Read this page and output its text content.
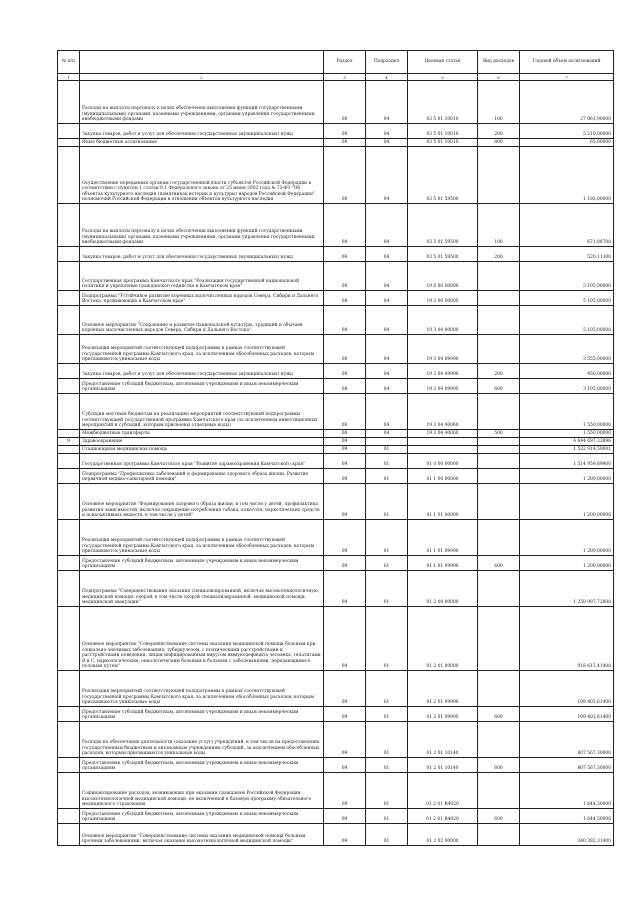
№ п/п		Раздел	Подраздел	Целевая статья	Вид расходов	Годовой объем ассигнований
1	2	3	4	5	6	7
	Расходы на выплаты персоналу в целях обеспечения выполнения функций государственными (муниципальными) органами, казенными учреждениями, органами управления государственными внебюджетными фондами	08	04	03 5 01 10010	100	27 061,90000
	Закупка товаров, работ и услуг для обеспечения государственных (муниципальных) нужд	08	04	03 5 01 10010	200	5 210,00000
	Иные бюджетные ассигнования	08	04	03 5 01 10010	800	65,00000
	Осуществление переданных органам государственной власти субъектов Российской Федерации в соответствии с пунктом 1 статьи 9.1 Федерального закона от 25 июня 2002 года № 73-ФЗ "Об объектах культурного наследия (памятниках истории и культуры) народов Российской Федерации" полномочий Российской Федерации в отношении объектов культурного наследия	08	04	03 5 01 59500		1 192,00000
	Расходы на выплаты персоналу в целях обеспечения выполнения функций государственными (муниципальными) органами, казенными учреждениями, органами управления государственными внебюджетными фондами	08	04	03 5 01 59500	100	671,88700
	Закупка товаров, работ и услуг для обеспечения государственных (муниципальных) нужд	08	04	03 5 01 59500	200	520,11300
	Государственная программа Камчатского края "Реализация государственной национальной политики и укрепление гражданского единства в Камчатском крае"	08	04	19 0 00 00000		5 105,00000
	Подпрограмма "Устойчивое развитие коренных малочисленных народов Севера, Сибири и Дальнего Востока, проживающих в Камчатском крае"	08	04	19 3 00 00000		5 105,00000
	Основное мероприятие "Сохранение и развитие национальной культуры, традиций и обычаев коренных малочисленных народов Севера, Сибири и Дальнего Востока"	08	04	19 3 04 00000		5 105,00000
	Реализация мероприятий соответствующей подпрограммы в рамках соответствующей государственной программы Камчатского края, за исключением обособленных расходов, которым присваиваются уникальные коды	08	04	19 3 04 09990		3 555,00000
	Закупка товаров, работ и услуг для обеспечения государственных (муниципальных) нужд	08	04	19 3 04 09990	200	450,00000
	Предоставление субсидий бюджетным, автономным учреждениям и иным некоммерческим организациям	08	04	19 3 04 09990	600	3 105,00000
	Субсидии местным бюджетам на реализацию мероприятий соответствующей подпрограммы соответствующей государственной программы Камчатского края (за исключением инвестиционных мероприятий и субсидий, которым присвоены отдельные коды)	08	04	19 3 04 40060		1 550,00000
	Межбюджетные трансферты	08	04	19 3 04 40060	500	1 550,00000
9	Здравоохранение	09				4 644 697,33896
	Стационарная медицинская помощь	09	01			1 532 914,59001
	Государственная программа Камчатского края "Развитие здравоохранения Камчатского края"	09	01	01 0 00 00000		1 514 959,89900
	Подпрограмма "Профилактика заболеваний и формирование здорового образа жизни. Развитие первичной медико-санитарной помощи"	09	01	01 1 00 00000		1 200,00000
	Основное мероприятие "Формирование здорового образа жизни, в том числе у детей, профилактика развития зависимостей, включая сокращение потребления табака, алкоголя, наркотических средств и психоактивных веществ, в том числе у детей"	09	01	01 1 01 00000		1 200,00000
	Реализация мероприятий соответствующей подпрограммы в рамках соответствующей государственной программы Камчатского края, за исключением обособленных расходов, которым присваиваются уникальные коды	09	01	01 1 01 09990		1 200,00000
	Предоставление субсидий бюджетным, автономным учреждениям и иным некоммерческим организациям	09	01	01 1 01 09990	600	1 200,00000
	Подпрограмма "Совершенствование оказания специализированной, включая высокотехнологичную, медицинской помощи, скорой, в том числе скорой специализированной, медицинской помощи, медицинской эвакуации"	09	01	01 2 00 00000		1 258 997,72800
	Основное мероприятие "Совершенствование системы оказания медицинской помощи больным при социально-значимых заболеваниях: туберкулезом, с психическими расстройствами и расстройствами поведения, лицам инфицированным вирусом иммунодефицита человека, гепатитами B и C, наркологическим, онкологическим больным и больным с заболеваниями, передающимися половым путем"	09	01	01 2 01 00000		918 615,41400
	Реализация мероприятий соответствующей подпрограммы в рамках соответствующей государственной программы Камчатского края, за исключением обособленных расходов, которым присваиваются уникальные коды	09	01	01 2 01 09990		109 403,61400
	Предоставление субсидий бюджетным, автономным учреждениям и иным некоммерческим организациям	09	01	01 2 01 09990	600	109 403,61400
	Расходы на обеспечение деятельности (оказание услуг) учреждений, в том числе на предоставление государственным бюджетным и автономным учреждениям субсидий, за исключением обособленных расходов, которым присваиваются уникальные коды	09	01	01 2 01 10140		807 567,30000
	Предоставление субсидий бюджетным, автономным учреждениям и иным некоммерческим организациям	09	01	01 2 01 10140	600	807 567,30000
	Софинансирование расходов, возникающих при оказании гражданам Российской Федерации высокотехнологичной медицинской помощи, не включенной в базовую программу обязательного медицинского страхования	09	01	01 2 01 R4020		1 644,50000
	Предоставление субсидий бюджетным, автономным учреждениям и иным некоммерческим организациям	09	01	01 2 01 R4020	600	1 644,50000
	Основное мероприятие "Совершенствование системы оказания медицинской помощи больным прочими заболеваниями, включая оказание высокотехнологичной медицинской помощи"	09	01	01 2 02 00000		340 382,31400
